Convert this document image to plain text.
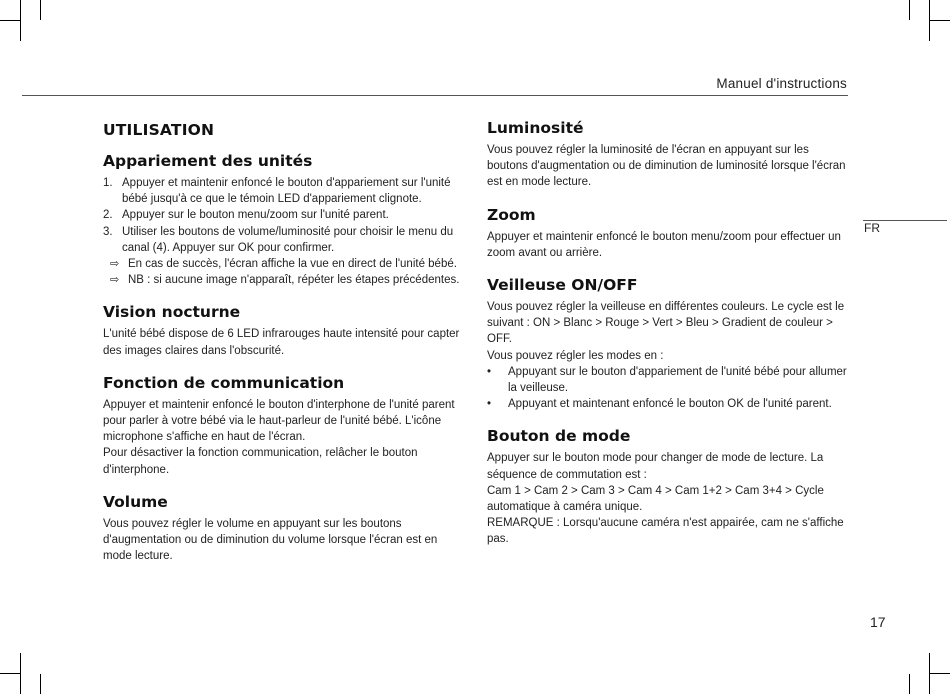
Manuel d'instructions
FR
17
UTILISATION
Appariement des unités
1. Appuyer et maintenir enfoncé le bouton d'appariement sur l'unité bébé jusqu'à ce que le témoin LED d'appariement clignote.
2. Appuyer sur le bouton menu/zoom sur l'unité parent.
3. Utiliser les boutons de volume/luminosité pour choisir le menu du canal (4). Appuyer sur OK pour confirmer.
⇨ En cas de succès, l'écran affiche la vue en direct de l'unité bébé.
⇨ NB : si aucune image n'apparaît, répéter les étapes précédentes.
Vision nocturne

L'unité bébé dispose de 6 LED infrarouges haute intensité pour capter des images claires dans l'obscurité.

Fonction de communication

Appuyer et maintenir enfoncé le bouton d'interphone de l'unité parent pour parler à votre bébé via le haut-parleur de l'unité bébé. L'icône microphone s'affiche en haut de l'écran.

Pour désactiver la fonction communication, relâcher le bouton d'interphone.

Volume

Vous pouvez régler le volume en appuyant sur les boutons d'augmentation ou de diminution du volume lorsque l'écran est en mode lecture.

Luminosité

Vous pouvez régler la luminosité de l'écran en appuyant sur les boutons d'augmentation ou de diminution de luminosité lorsque l'écran est en mode lecture.

Zoom

Appuyer et maintenir enfoncé le bouton menu/zoom pour effectuer un zoom avant ou arrière.

Veilleuse ON/OFF

Vous pouvez régler la veilleuse en différentes couleurs. Le cycle est le suivant : ON > Blanc > Rouge > Vert > Bleu > Gradient de couleur > OFF.

Vous pouvez régler les modes en :

• Appuyant sur le bouton d'appariement de l'unité bébé pour allumer la veilleuse.
• Appuyant et maintenant enfoncé le bouton OK de l'unité parent.
Bouton de mode

Appuyer sur le bouton mode pour changer de mode de lecture. La séquence de commutation est :

Cam 1 > Cam 2 > Cam 3 > Cam 4 > Cam 1+2 > Cam 3+4 > Cycle automatique à caméra unique.

REMARQUE : Lorsqu'aucune caméra n'est appairée, cam ne s'affiche pas.
